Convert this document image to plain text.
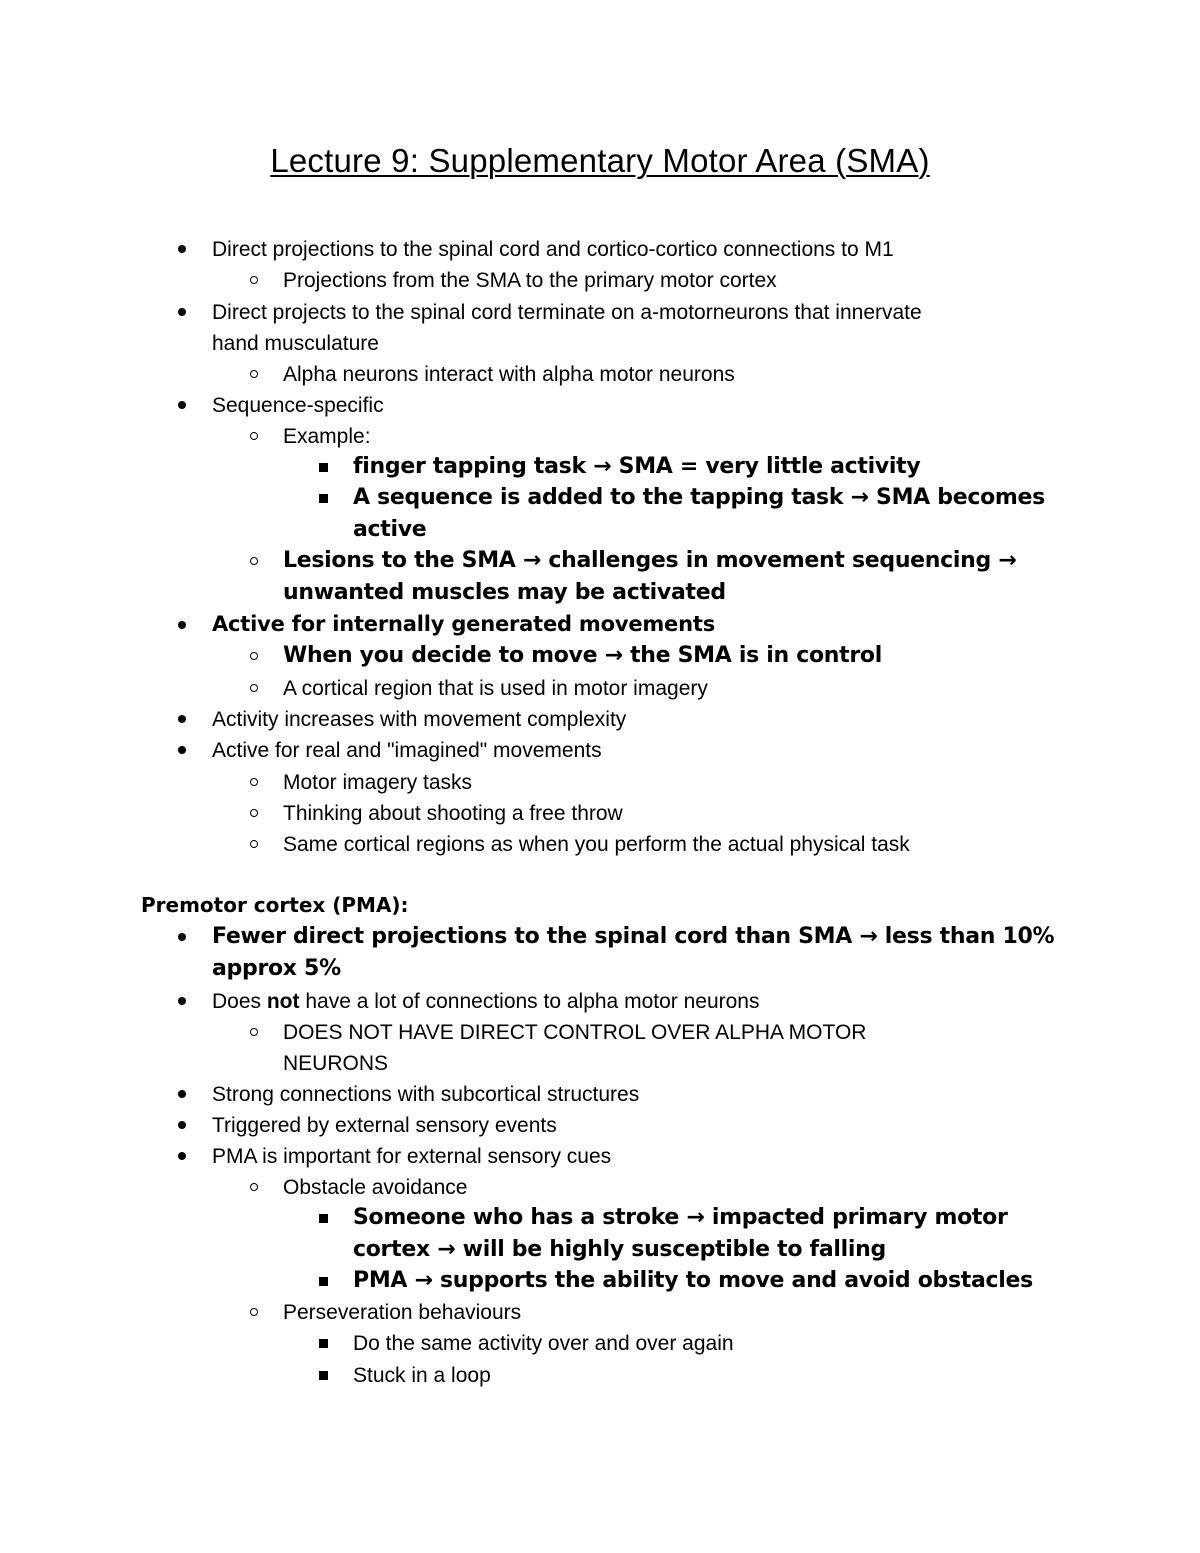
Lecture 9: Supplementary Motor Area (SMA)
Direct projections to the spinal cord and cortico-cortico connections to M1
Projections from the SMA to the primary motor cortex
Direct projects to the spinal cord terminate on a-motorneurons that innervate
hand musculature
Alpha neurons interact with alpha motor neurons
Sequence-specific
Example:
finger tapping task → SMA = very little activity
A sequence is added to the tapping task → SMA becomes
active
Lesions to the SMA → challenges in movement sequencing →
unwanted muscles may be activated
Active for internally generated movements
When you decide to move → the SMA is in control
A cortical region that is used in motor imagery
Activity increases with movement complexity
Active for real and "imagined" movements
Motor imagery tasks
Thinking about shooting a free throw
Same cortical regions as when you perform the actual physical task
Premotor cortex (PMA):
Fewer direct projections to the spinal cord than SMA → less than 10%
approx 5%
Does not have a lot of connections to alpha motor neurons
DOES NOT HAVE DIRECT CONTROL OVER ALPHA MOTOR
NEURONS
Strong connections with subcortical structures
Triggered by external sensory events
PMA is important for external sensory cues
Obstacle avoidance
Someone who has a stroke → impacted primary motor
cortex → will be highly susceptible to falling
PMA → supports the ability to move and avoid obstacles
Perseveration behaviours
Do the same activity over and over again
Stuck in a loop
